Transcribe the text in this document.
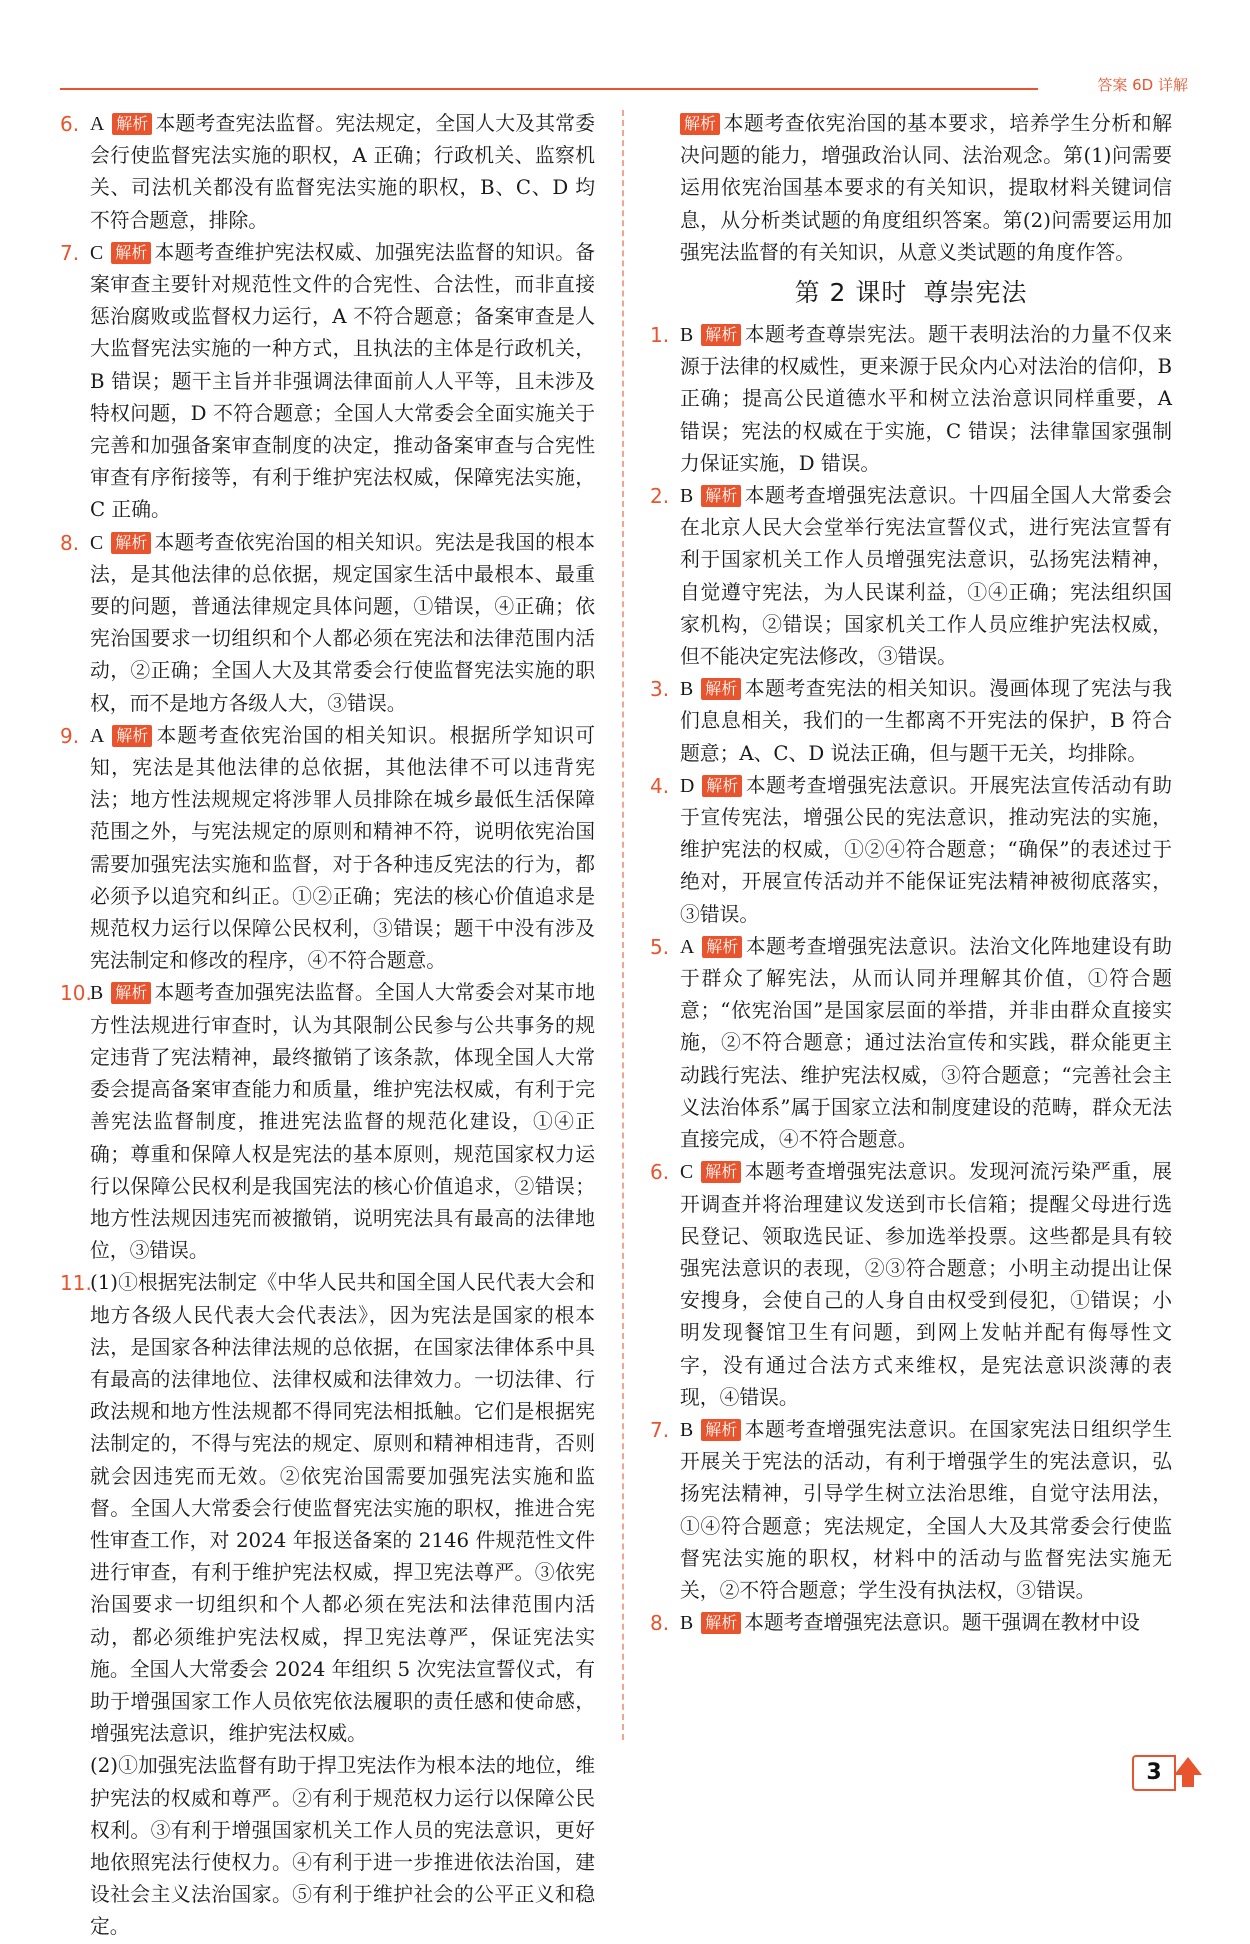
答案 6D 详解
6. A 解析 本题考查宪法监督。宪法规定，全国人大及其常委会行使监督宪法实施的职权，A 正确；行政机关、监察机关、司法机关都没有监督宪法实施的职权，B、C、D 均不符合题意，排除。
7. C 解析 本题考查维护宪法权威、加强宪法监督的知识。备案审查主要针对规范性文件的合宪性、合法性，而非直接惩治腐败或监督权力运行，A 不符合题意；备案审查是人大监督宪法实施的一种方式，且执法的主体是行政机关，B 错误；题干主旨并非强调法律面前人人平等，且未涉及特权问题，D 不符合题意；全国人大常委会全面实施关于完善和加强备案审查制度的决定，推动备案审查与合宪性审查有序衔接等，有利于维护宪法权威，保障宪法实施，C 正确。
8. C 解析 本题考查依宪治国的相关知识。宪法是我国的根本法，是其他法律的总依据，规定国家生活中最根本、最重要的问题，普通法律规定具体问题，①错误，④正确；依宪治国要求一切组织和个人都必须在宪法和法律范围内活动，②正确；全国人大及其常委会行使监督宪法实施的职权，而不是地方各级人大，③错误。
9. A 解析 本题考查依宪治国的相关知识。根据所学知识可知，宪法是其他法律的总依据，其他法律不可以违背宪法；地方性法规规定将涉罪人员排除在城乡最低生活保障范围之外，与宪法规定的原则和精神不符，说明依宪治国需要加强宪法实施和监督，对于各种违反宪法的行为，都必须予以追究和纠正。①②正确；宪法的核心价值追求是规范权力运行以保障公民权利，③错误；题干中没有涉及宪法制定和修改的程序，④不符合题意。
10.
B 解析 本题考查加强宪法监督。全国人大常委会对某市地方性法规进行审查时，认为其限制公民参与公共事务的规定违背了宪法精神，最终撤销了该条款，体现全国人大常委会提高备案审查能力和质量，维护宪法权威，有利于完善宪法监督制度，推进宪法监督的规范化建设，①④正确；尊重和保障人权是宪法的基本原则，规范国家权力运行以保障公民权利是我国宪法的核心价值追求，②错误；地方性法规因违宪而被撤销，说明宪法具有最高的法律地位，③错误。
11.
(1)①根据宪法制定《中华人民共和国全国人民代表大会和地方各级人民代表大会代表法》，因为宪法是国家的根本法，是国家各种法律法规的总依据，在国家法律体系中具有最高的法律地位、法律权威和法律效力。一切法律、行政法规和地方性法规都不得同宪法相抵触。它们是根据宪法制定的，不得与宪法的规定、原则和精神相违背，否则就会因违宪而无效。②依宪治国需要加强宪法实施和监督。全国人大常委会行使监督宪法实施的职权，推进合宪性审查工作，对 2024 年报送备案的 2146 件规范性文件进行审查，有利于维护宪法权威，捍卫宪法尊严。③依宪治国要求一切组织和个人都必须在宪法和法律范围内活动，都必须维护宪法权威，捍卫宪法尊严，保证宪法实施。全国人大常委会 2024 年组织 5 次宪法宣誓仪式，有助于增强国家工作人员依宪依法履职的责任感和使命感，增强宪法意识，维护宪法权威。
(2)①加强宪法监督有助于捍卫宪法作为根本法的地位，维护宪法的权威和尊严。②有利于规范权力运行以保障公民权利。③有利于增强国家机关工作人员的宪法意识，更好地依照宪法行使权力。④有利于进一步推进依法治国，建设社会主义法治国家。⑤有利于维护社会的公平正义和稳定。
解析 本题考查依宪治国的基本要求，培养学生分析和解决问题的能力，增强政治认同、法治观念。第(1)问需要运用依宪治国基本要求的有关知识，提取材料关键词信息，从分析类试题的角度组织答案。第(2)问需要运用加强宪法监督的有关知识，从意义类试题的角度作答。
第 2 课时 尊崇宪法
1. B 解析 本题考查尊崇宪法。题干表明法治的力量不仅来源于法律的权威性，更来源于民众内心对法治的信仰，B 正确；提高公民道德水平和树立法治意识同样重要，A 错误；宪法的权威在于实施，C 错误；法律靠国家强制力保证实施，D 错误。
2. B 解析 本题考查增强宪法意识。十四届全国人大常委会在北京人民大会堂举行宪法宣誓仪式，进行宪法宣誓有利于国家机关工作人员增强宪法意识，弘扬宪法精神，自觉遵守宪法，为人民谋利益，①④正确；宪法组织国家机构，②错误；国家机关工作人员应维护宪法权威，但不能决定宪法修改，③错误。
3. B 解析 本题考查宪法的相关知识。漫画体现了宪法与我们息息相关，我们的一生都离不开宪法的保护，B 符合题意；A、C、D 说法正确，但与题干无关，均排除。
4. D 解析 本题考查增强宪法意识。开展宪法宣传活动有助于宣传宪法，增强公民的宪法意识，推动宪法的实施，维护宪法的权威，①②④符合题意；“确保”的表述过于绝对，开展宣传活动并不能保证宪法精神被彻底落实，③错误。
5. A 解析 本题考查增强宪法意识。法治文化阵地建设有助于群众了解宪法，从而认同并理解其价值，①符合题意；“依宪治国”是国家层面的举措，并非由群众直接实施，②不符合题意；通过法治宣传和实践，群众能更主动践行宪法、维护宪法权威，③符合题意；“完善社会主义法治体系”属于国家立法和制度建设的范畴，群众无法直接完成，④不符合题意。
6. C 解析 本题考查增强宪法意识。发现河流污染严重，展开调查并将治理建议发送到市长信箱；提醒父母进行选民登记、领取选民证、参加选举投票。这些都是具有较强宪法意识的表现，②③符合题意；小明主动提出让保安搜身，会使自己的人身自由权受到侵犯，①错误；小明发现餐馆卫生有问题，到网上发帖并配有侮辱性文字，没有通过合法方式来维权，是宪法意识淡薄的表现，④错误。
7. B 解析 本题考查增强宪法意识。在国家宪法日组织学生开展关于宪法的活动，有利于增强学生的宪法意识，弘扬宪法精神，引导学生树立法治思维，自觉守法用法，①④符合题意；宪法规定，全国人大及其常委会行使监督宪法实施的职权，材料中的活动与监督宪法实施无关，②不符合题意；学生没有执法权，③错误。
8. B 解析 本题考查增强宪法意识。题干强调在教材中设
3
